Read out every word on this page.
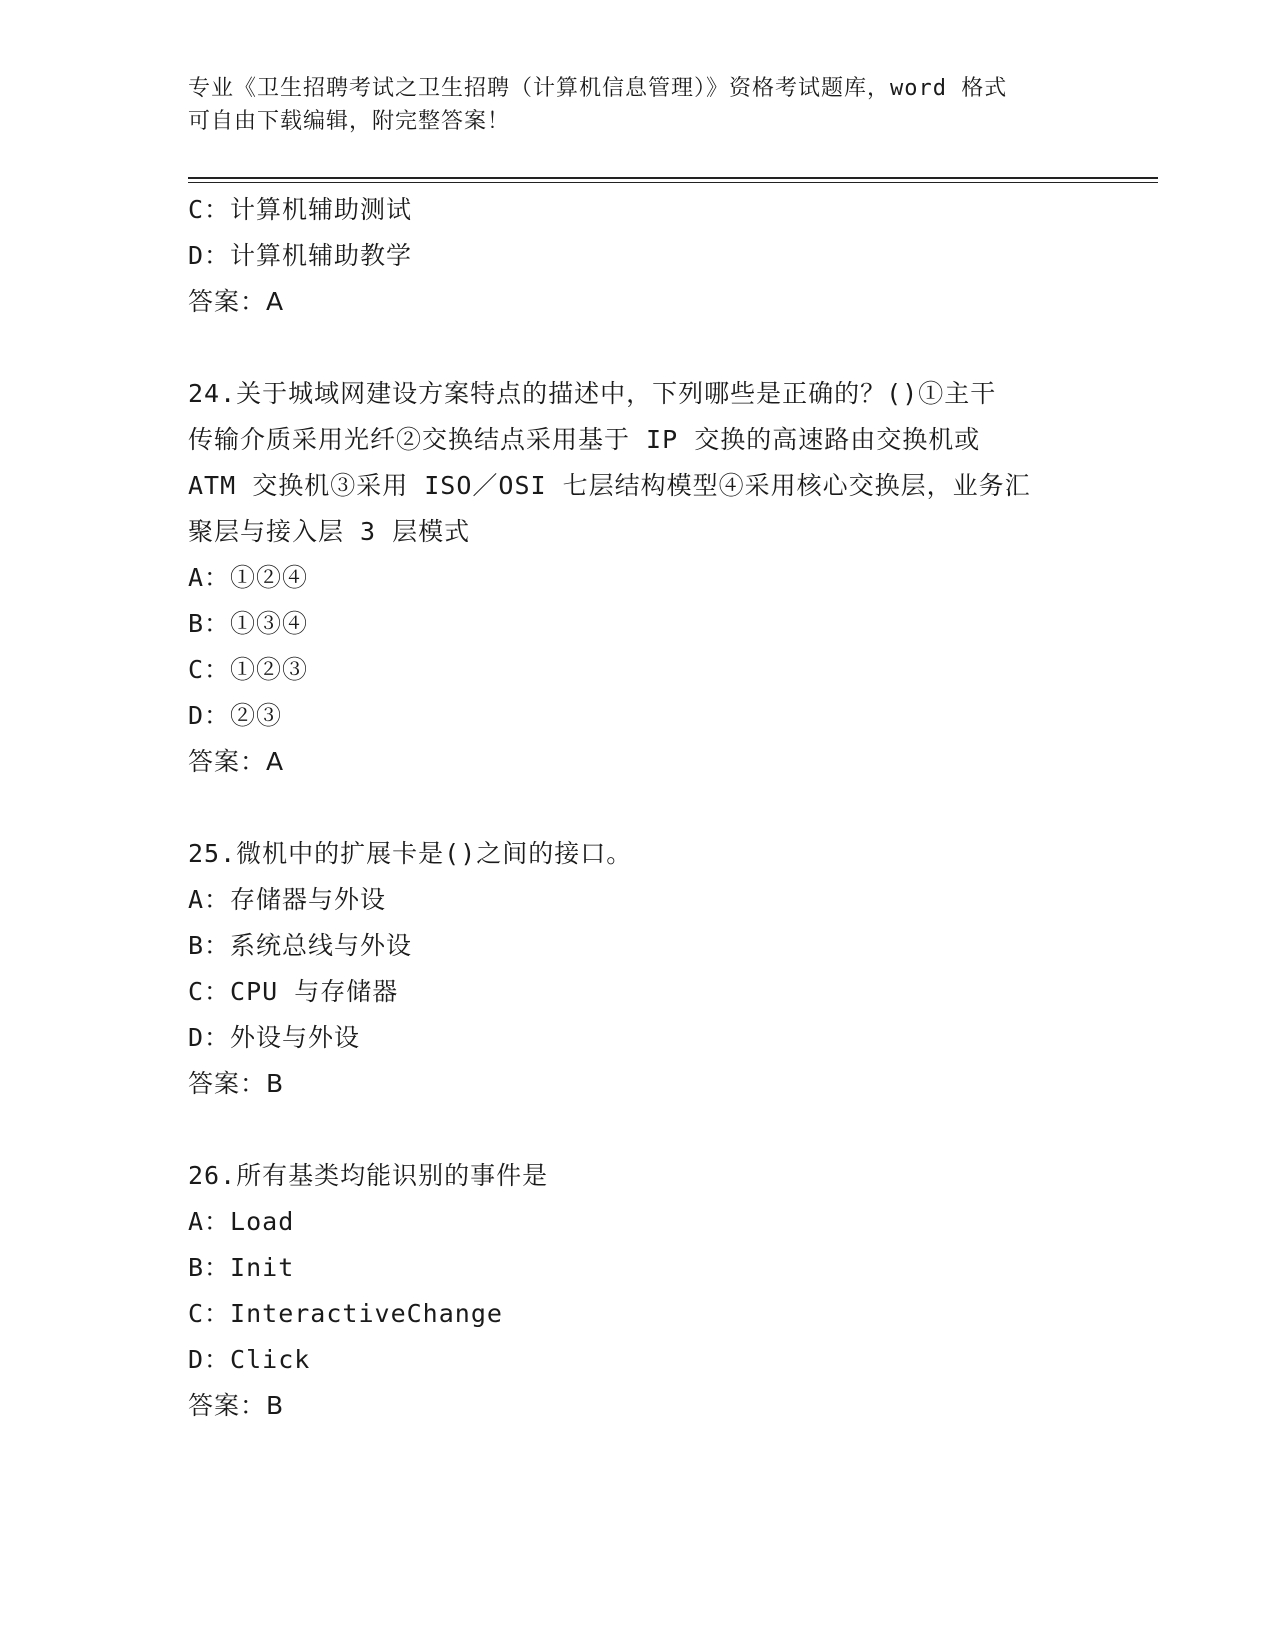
专业《卫生招聘考试之卫生招聘（计算机信息管理）》资格考试题库，word 格式
可自由下载编辑，附完整答案！
C：计算机辅助测试
D：计算机辅助教学
答案：A
24.关于城域网建设方案特点的描述中，下列哪些是正确的？()①主干
传输介质采用光纤②交换结点采用基于 IP 交换的高速路由交换机或
ATM 交换机③采用 ISO／OSI 七层结构模型④采用核心交换层，业务汇
聚层与接入层 3 层模式
A：①②④
B：①③④
C：①②③
D：②③
答案：A
25.微机中的扩展卡是()之间的接口。
A：存储器与外设
B：系统总线与外设
C：CPU 与存储器
D：外设与外设
答案：B
26.所有基类均能识别的事件是
A：Load
B：Init
C：InteractiveChange
D：Click
答案：B
